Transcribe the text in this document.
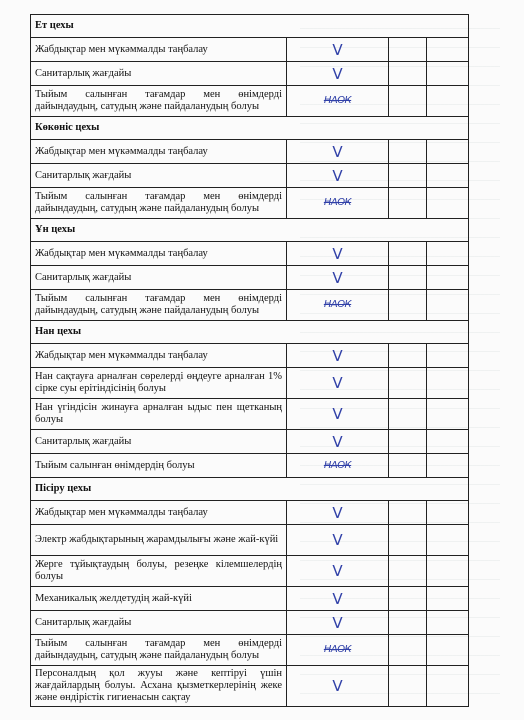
Ет цехы			
Жабдықтар мен мүкәммалды таңбалау	V		

Санитарлық жағдайы	V		

Тыйым салынған тағамдар мен өнімдерді дайындаудың, сатудың және пайдаланудың болуы	НАОК		

Көкөніс цехы			
Жабдықтар мен мүкәммалды таңбалау	V		

Санитарлық жағдайы	V		

Тыйым салынған тағамдар мен өнімдерді дайындаудың, сатудың және пайдаланудың болуы	НАОК		

Ұн цехы			
Жабдықтар мен мүкәммалды таңбалау	V		

Санитарлық жағдайы	V		

Тыйым салынған тағамдар мен өнімдерді дайындаудың, сатудың және пайдаланудың болуы	НАОК		

Нан цехы			
Жабдықтар мен мүкәммалды таңбалау	V		

Нан сақтауға арналған сөрелерді өңдеуге арналған 1% сірке суы ерітіндісінің болуы	V		

Нан үгіндісін жинауға арналған ыдыс пен щетканың болуы	V		

Санитарлық жағдайы	V		

Тыйым салынған өнімдердің болуы	НАОК		

Пісіру цехы			
Жабдықтар мен мүкәммалды таңбалау	V		

Электр жабдықтарының жарамдылығы және жай-күйі	V		

Жерге тұйықтаудың болуы, резеңке кілемшелердің болуы	V		

Механикалық желдетудің жай-күйі	V		

Санитарлық жағдайы	V		

Тыйым салынған тағамдар мен өнімдерді дайындаудың, сатудың және пайдаланудың болуы	НАОК		

Персоналдың қол жууы және кептіруі үшін жағдайлардың болуы. Асхана қызметкерлерінің жеке және өндірістік гигиенасын сақтау	V		
